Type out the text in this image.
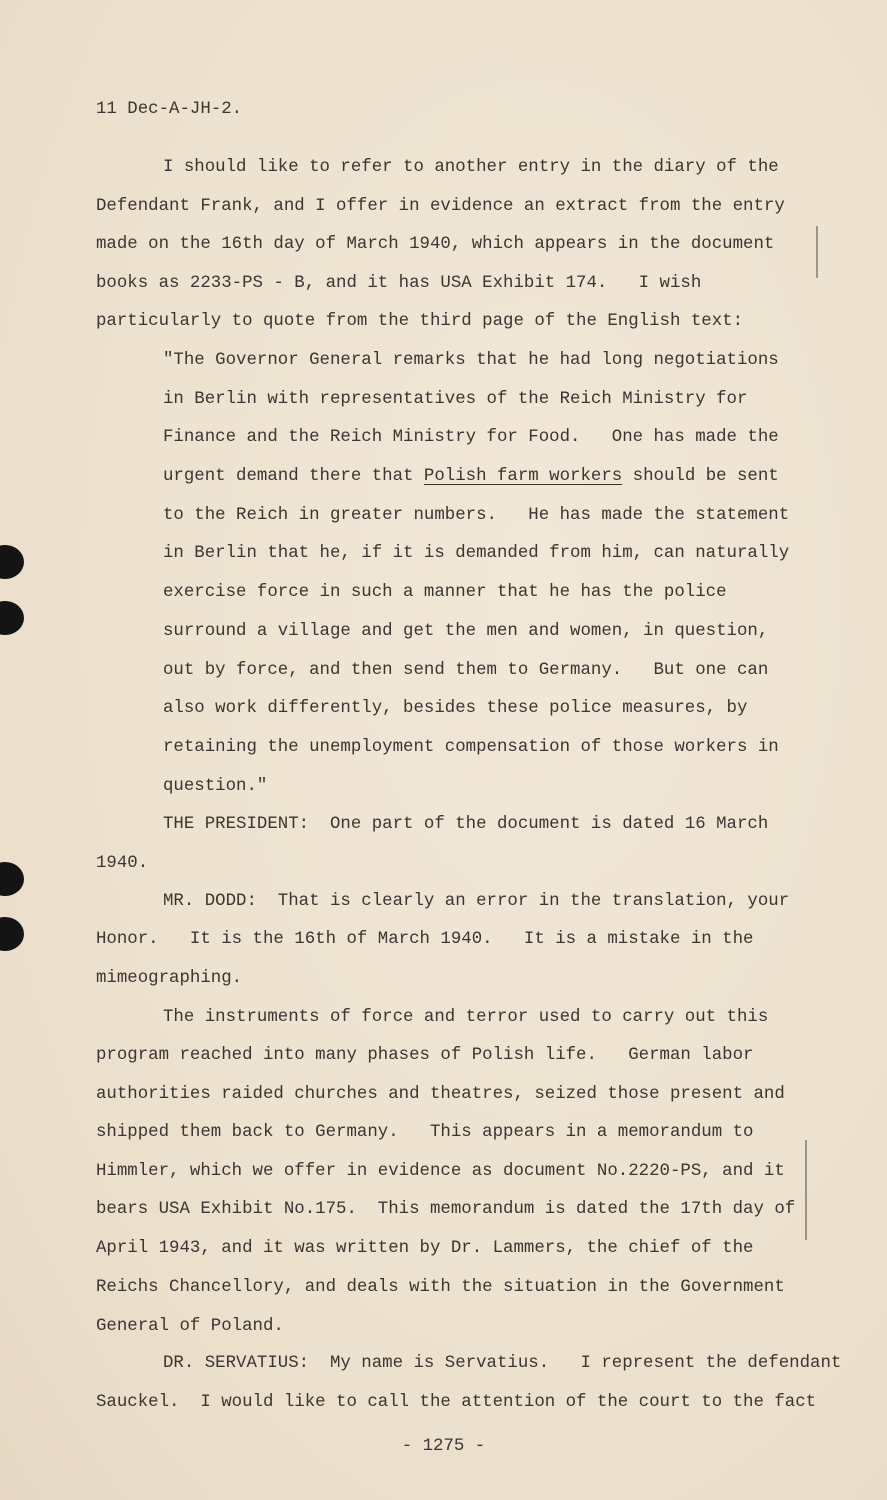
11 Dec-A-JH-2.
I should like to refer to another entry in the diary of the
Defendant Frank, and I offer in evidence an extract from the entry
made on the 16th day of March 1940, which appears in the document
books as 2233-PS - B, and it has USA Exhibit 174.   I wish
particularly to quote from the third page of the English text:
"The Governor General remarks that he had long negotiations
in Berlin with representatives of the Reich Ministry for
Finance and the Reich Ministry for Food.   One has made the
urgent demand there that Polish farm workers should be sent
to the Reich in greater numbers.   He has made the statement
in Berlin that he, if it is demanded from him, can naturally
exercise force in such a manner that he has the police
surround a village and get the men and women, in question,
out by force, and then send them to Germany.   But one can
also work differently, besides these police measures, by
retaining the unemployment compensation of those workers in
question."
THE PRESIDENT:  One part of the document is dated 16 March
1940.
MR. DODD:  That is clearly an error in the translation, your
Honor.   It is the 16th of March 1940.   It is a mistake in the
mimeographing.
The instruments of force and terror used to carry out this
program reached into many phases of Polish life.   German labor
authorities raided churches and theatres, seized those present and
shipped them back to Germany.   This appears in a memorandum to
Himmler, which we offer in evidence as document No.2220-PS, and it
bears USA Exhibit No.175.  This memorandum is dated the 17th day of
April 1943, and it was written by Dr. Lammers, the chief of the
Reichs Chancellory, and deals with the situation in the Government
General of Poland.
DR. SERVATIUS:  My name is Servatius.   I represent the defendant
Sauckel.  I would like to call the attention of the court to the fact
- 1275 -
